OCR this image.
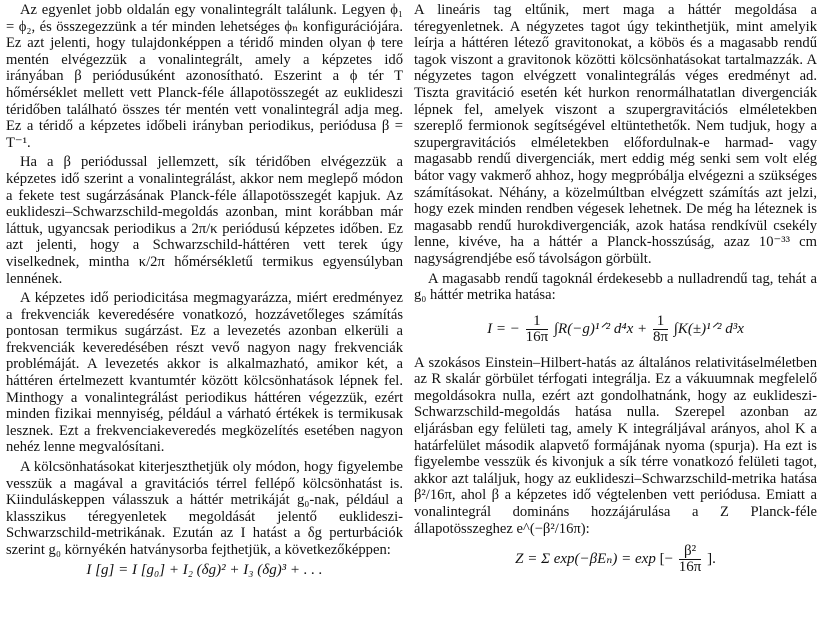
Az egyenlet jobb oldalán egy vonalintegrált találunk. Legyen ϕ₁ = ϕ₂, és összegezzünk a tér minden lehetséges ϕₙ konfigurációjára. Ez azt jelenti, hogy tulajdonképpen a téridő minden olyan ϕ tere mentén elvégezzük a vonalintegrált, amely a képzetes idő irányában β periódusúként azonosítható. Eszerint a ϕ tér T hőmérséklet mellett vett Planck-féle állapotösszegét az euklideszi téridőben található összes tér mentén vett vonalintegrál adja meg. Ez a téridő a képzetes időbeli irányban periodikus, periódusa β = T⁻¹.

Ha a β periódussal jellemzett, sík téridőben elvégezzük a képzetes idő szerint a vonalintegrálást, akkor nem meglepő módon a fekete test sugárzásának Planck-féle állapotösszegét kapjuk. Az euklideszi–Schwarzschild-megoldás azonban, mint korábban már láttuk, ugyancsak periodikus a 2π/κ periódusú képzetes időben. Ez azt jelenti, hogy a Schwarzschild-háttéren vett terek úgy viselkednek, mintha κ/2π hőmérsékletű termikus egyensúlyban lennének.

A képzetes idő periodicitása megmagyarázza, miért eredményez a frekvenciák keveredésére vonatkozó, hozzávetőleges számítás pontosan termikus sugárzást. Ez a levezetés azonban elkerüli a frekvenciák keveredésében részt vevő nagyon nagy frekvenciák problémáját. A levezetés akkor is alkalmazható, amikor két, a háttéren értelmezett kvantumtér között kölcsönhatások lépnek fel. Minthogy a vonalintegrálást periodikus háttéren végezzük, ezért minden fizikai mennyiség, például a várható értékek is termikusak lesznek. Ezt a frekvenciakeveredés megközelítés esetében nagyon nehéz lenne megvalósítani.

A kölcsönhatásokat kiterjeszthetjük oly módon, hogy figyelembe vesszük a magával a gravitációs térrel fellépő kölcsönhatást is. Kiinduláskeppen válasszuk a háttér metrikáját g₀-nak, például a klasszikus téregyenletek megoldását jelentő euklideszi-Schwarzschild-metrikának. Ezután az I hatást a δg perturbációk szerint g₀ környékén hatványsorba fejthetjük, a következőképpen:

I [g] = I [g₀] + I₂ (δg)² + I₃ (δg)³ + . . .

A lineáris tag eltűnik, mert maga a háttér megoldása a téregyenletnek. A négyzetes tagot úgy tekinthetjük, mint amelyik leírja a háttéren létező gravitonokat, a köbös és a magasabb rendű tagok viszont a gravitonok közötti kölcsönhatásokat tartalmazzák. A négyzetes tagon elvégzett vonalintegrálás véges eredményt ad. Tiszta gravitáció esetén két hurkon renormálhatatlan divergenciák lépnek fel, amelyek viszont a szupergravitációs elméletekben szereplő fermionok segítségével eltüntethetők. Nem tudjuk, hogy a szupergravitációs elméletekben előfordulnak-e harmad- vagy magasabb rendű divergenciák, mert eddig még senki sem volt elég bátor vagy vakmerő ahhoz, hogy megpróbálja elvégezni a szükséges számításokat. Néhány, a közelmúltban elvégzett számítás azt jelzi, hogy ezek minden rendben végesek lehetnek. De még ha léteznek is magasabb rendű hurokdivergenciák, azok hatása rendkívül csekély lenne, kivéve, ha a háttér a Planck-hosszúság, azaz 10⁻³³ cm nagyságrendjébe eső távolságon görbült.

A magasabb rendű tagoknál érdekesebb a nulladrendű tag, tehát a g₀ háttér metrika hatása:

I = − $\frac{1}{16\pi}$ ∫R(−g)¹ᐟ² $d^4x + \frac{1}{8\pi}$ ∫K(±)¹ᐟ² d³x

A szokásos Einstein–Hilbert-hatás az általános relativitáselméletben az R skalár görbület térfogati integrálja. Ez a vákuumnak megfelelő megoldásokra nulla, ezért azt gondolhatnánk, hogy az euklideszi-Schwarzschild-megoldás hatása nulla. Szerepel azonban az eljárásban egy felületi tag, amely K integráljával arányos, ahol K a határfelület második alapvető formájának nyoma (spurja). Ha ezt is figyelembe vesszük és kivonjuk a sík térre vonatkozó felületi tagot, akkor azt találjuk, hogy az euklideszi–Schwarzschild-metrika hatása β²/16π, ahol β a képzetes idő végtelenben vett periódusa. Emiatt a vonalintegrál domináns hozzájárulása a Z Planck-féle állapotösszeghez e^(−β²/16π):

Z = Σ exp(−βEₙ) = exp [− $\frac{\text{β²}}{16\pi}$ ].
